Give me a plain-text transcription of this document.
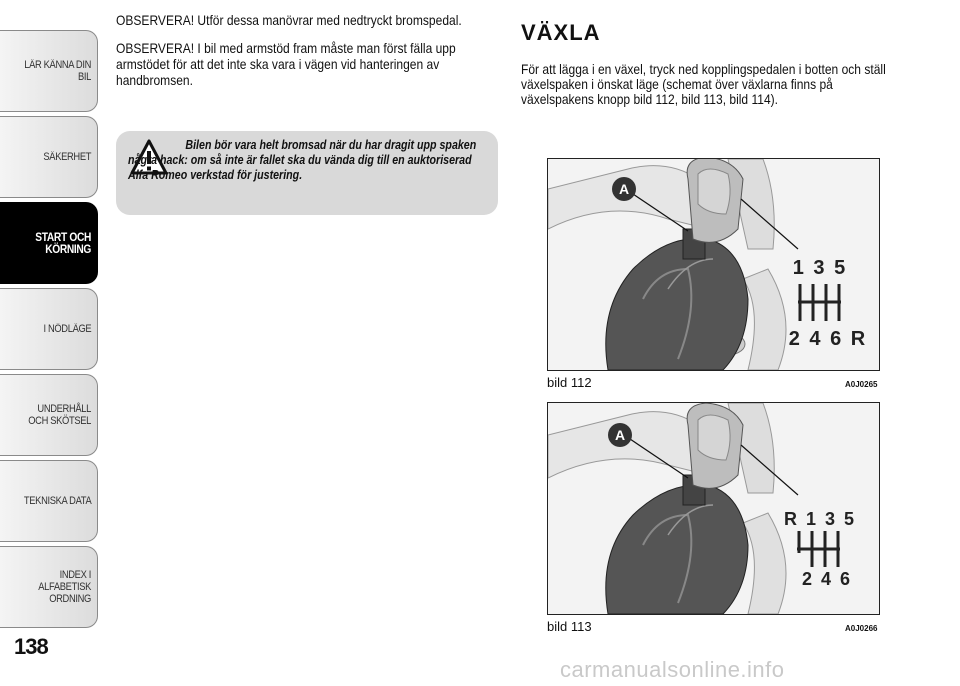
LÄR KÄNNA DIN BIL
SÄKERHET
START OCH KÖRNING
I NÖDLÄGE
UNDERHÅLL OCH SKÖTSEL
TEKNISKA DATA
INDEX I ALFABETISK ORDNING
138

OBSERVERA! Utför dessa manövrar med nedtryckt bromspedal.

OBSERVERA! I bil med armstöd fram måste man först fälla upp armstödet för att det inte ska vara i vägen vid hanteringen av handbromsen.

Bilen bör vara helt bromsad när du har dragit upp spaken några hack: om så inte är fallet ska du vända dig till en auktoriserad Alfa Romeo verkstad för justering.

VÄXLA

För att lägga i en växel, tryck ned kopplingspedalen i botten och ställ växelspaken i önskat läge (schemat över växlarna finns på växelspakens knopp bild 112, bild 113, bild 114).

A
1 3 5
2 4 6 R
bild 112	A0J0265
A
R 1 3 5
2 4 6
bild 113	A0J0266
carmanualsonline.info
